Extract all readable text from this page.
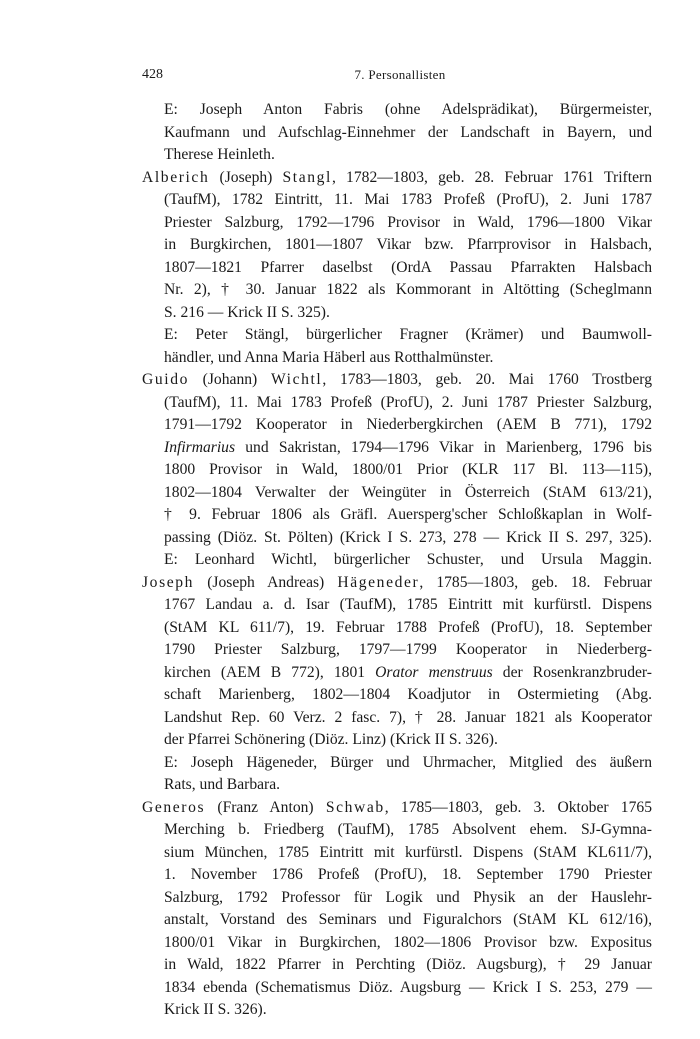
428	7. Personallisten
E: Joseph Anton Fabris (ohne Adelsprädikat), Bürgermeister,
Kaufmann und Aufschlag-Einnehmer der Landschaft in Bayern, und
Therese Heinleth.
Alberich (Joseph) Stangl, 1782—1803, geb. 28. Februar 1761 Triftern
(TaufM), 1782 Eintritt, 11. Mai 1783 Profeß (ProfU), 2. Juni 1787
Priester Salzburg, 1792—1796 Provisor in Wald, 1796—1800 Vikar
in Burgkirchen, 1801—1807 Vikar bzw. Pfarrprovisor in Halsbach,
1807—1821 Pfarrer daselbst (OrdA Passau Pfarrakten Halsbach
Nr. 2), † 30. Januar 1822 als Kommorant in Altötting (Scheglmann
S. 216 — Krick II S. 325).
E: Peter Stängl, bürgerlicher Fragner (Krämer) und Baumwoll-
händler, und Anna Maria Häberl aus Rotthalmünster.
Guido (Johann) Wichtl, 1783—1803, geb. 20. Mai 1760 Trostberg
(TaufM), 11. Mai 1783 Profeß (ProfU), 2. Juni 1787 Priester Salzburg,
1791—1792 Kooperator in Niederbergkirchen (AEM B 771), 1792
Infirmarius und Sakristan, 1794—1796 Vikar in Marienberg, 1796 bis
1800 Provisor in Wald, 1800/01 Prior (KLR 117 Bl. 113—115),
1802—1804 Verwalter der Weingüter in Österreich (StAM 613/21),
† 9. Februar 1806 als Gräfl. Auersperg'scher Schloßkaplan in Wolf-
passing (Diöz. St. Pölten) (Krick I S. 273, 278 — Krick II S. 297, 325).
E: Leonhard Wichtl, bürgerlicher Schuster, und Ursula Maggin.
Joseph (Joseph Andreas) Hägeneder, 1785—1803, geb. 18. Februar
1767 Landau a. d. Isar (TaufM), 1785 Eintritt mit kurfürstl. Dispens
(StAM KL 611/7), 19. Februar 1788 Profeß (ProfU), 18. September
1790 Priester Salzburg, 1797—1799 Kooperator in Niederberg-
kirchen (AEM B 772), 1801 Orator menstruus der Rosenkranzbruder-
schaft Marienberg, 1802—1804 Koadjutor in Ostermieting (Abg.
Landshut Rep. 60 Verz. 2 fasc. 7), † 28. Januar 1821 als Kooperator
der Pfarrei Schönering (Diöz. Linz) (Krick II S. 326).
E: Joseph Hägeneder, Bürger und Uhrmacher, Mitglied des äußern
Rats, und Barbara.
Generos (Franz Anton) Schwab, 1785—1803, geb. 3. Oktober 1765
Merching b. Friedberg (TaufM), 1785 Absolvent ehem. SJ-Gymna-
sium München, 1785 Eintritt mit kurfürstl. Dispens (StAM KL611/7),
1. November 1786 Profeß (ProfU), 18. September 1790 Priester
Salzburg, 1792 Professor für Logik und Physik an der Hauslehr-
anstalt, Vorstand des Seminars und Figuralchors (StAM KL 612/16),
1800/01 Vikar in Burgkirchen, 1802—1806 Provisor bzw. Expositus
in Wald, 1822 Pfarrer in Perchting (Diöz. Augsburg), † 29 Januar
1834 ebenda (Schematismus Diöz. Augsburg — Krick I S. 253, 279 —
Krick II S. 326).
